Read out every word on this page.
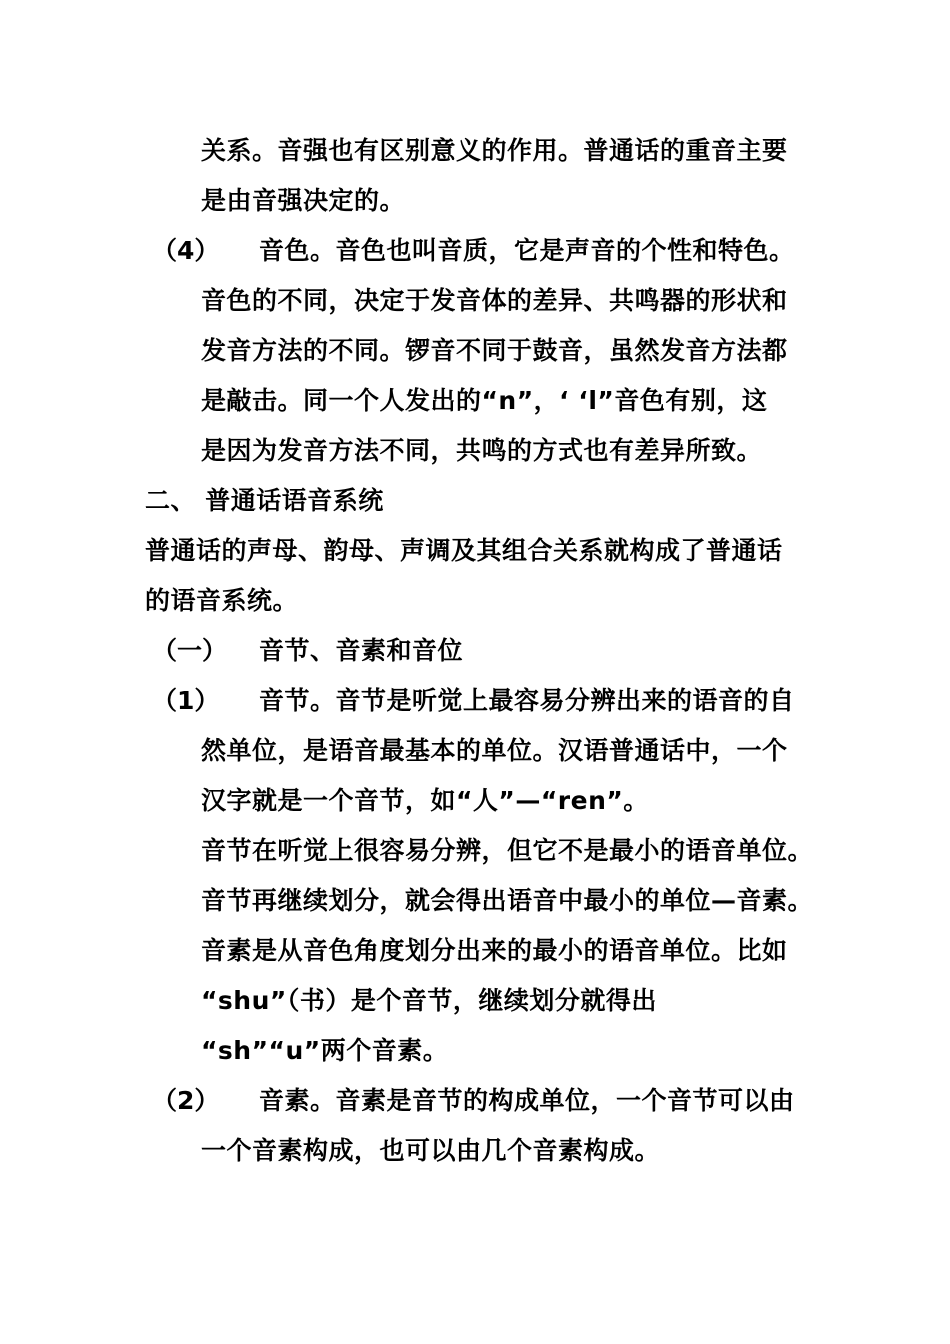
关系。音强也有区别意义的作用。普通话的重音主要
是由音强决定的。
（4） 音色。音色也叫音质，它是声音的个性和特色。
音色的不同，决定于发音体的差异、共鸣器的形状和
发音方法的不同。锣音不同于鼓音，虽然发音方法都
是敲击。同一个人发出的“n”，‘ ‘l”音色有别，这
是因为发音方法不同，共鸣的方式也有差异所致。
二、 普通话语音系统
普通话的声母、韵母、声调及其组合关系就构成了普通话
的语音系统。
（一） 音节、音素和音位
（1） 音节。音节是听觉上最容易分辨出来的语音的自
然单位，是语音最基本的单位。汉语普通话中，一个
汉字就是一个音节，如“人”—“ren”。
音节在听觉上很容易分辨，但它不是最小的语音单位。
音节再继续划分，就会得出语音中最小的单位—音素。
音素是从音色角度划分出来的最小的语音单位。比如
“shu”（书）是个音节，继续划分就得出
“sh”“u”两个音素。
（2） 音素。音素是音节的构成单位，一个音节可以由
一个音素构成，也可以由几个音素构成。
